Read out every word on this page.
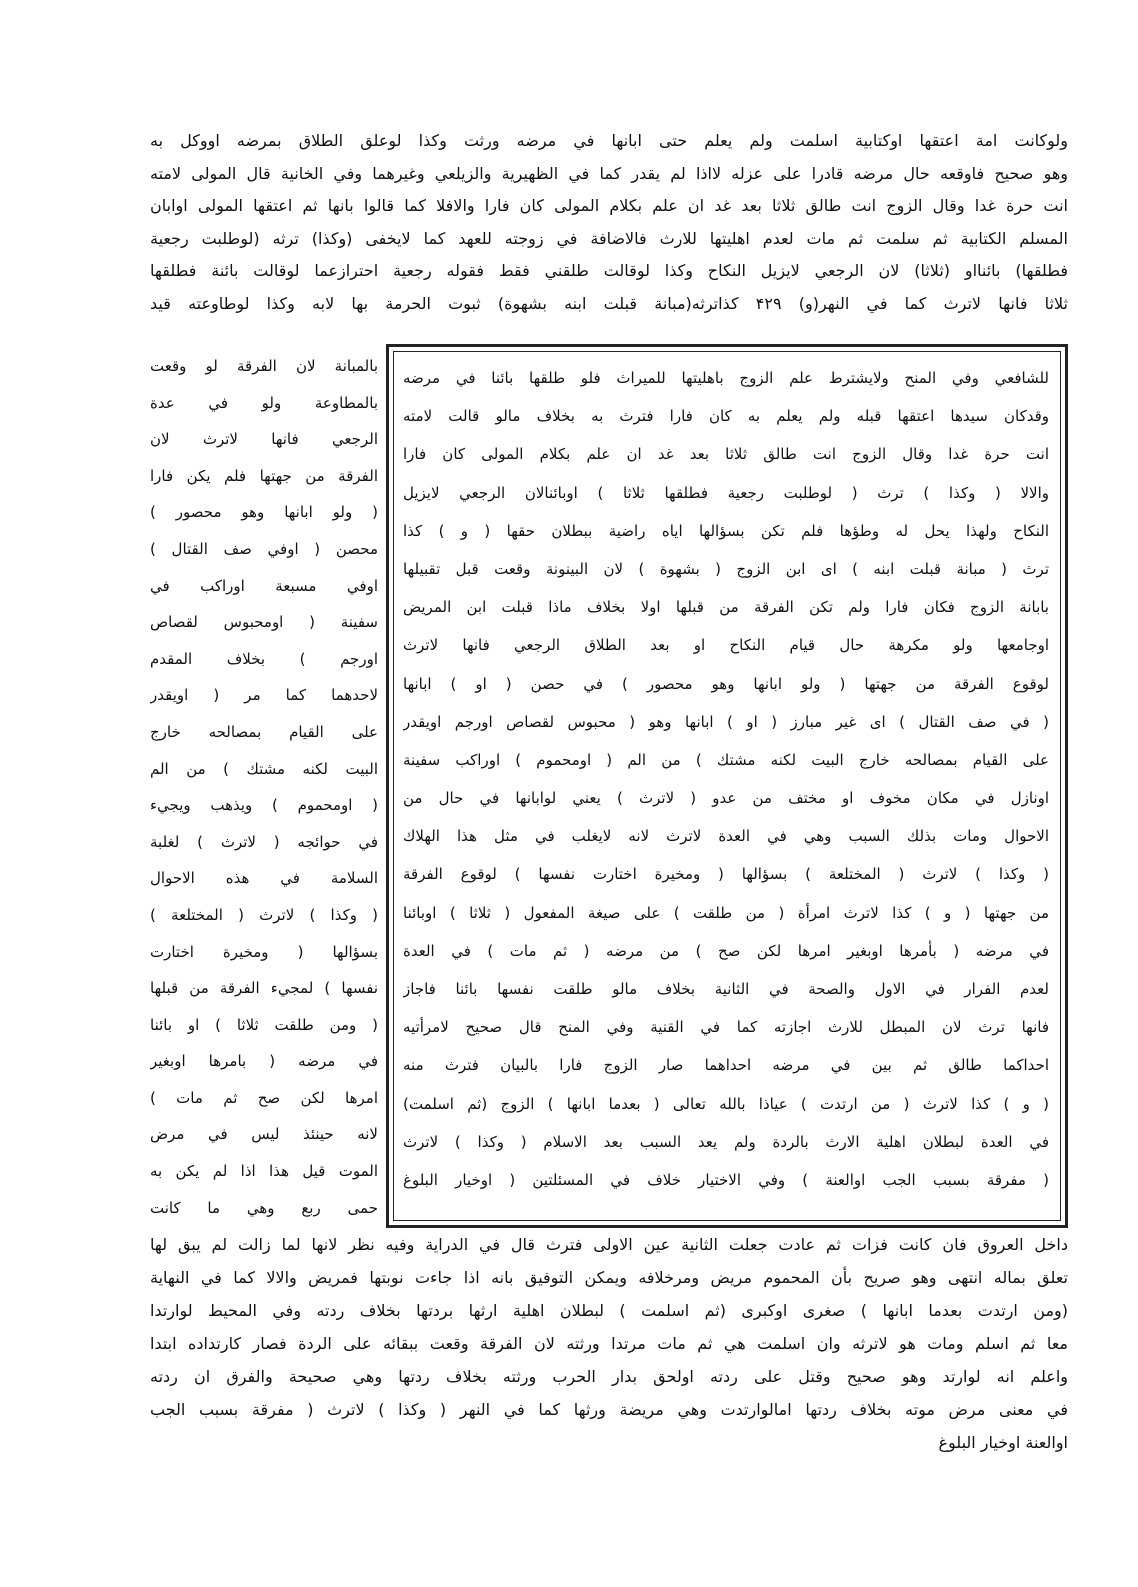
ولوكانت امة اعتقها اوكتابية اسلمت ولم يعلم حتى ابانها في مرضه ورثت وكذا لوعلق الطلاق بمرضه اووكل به
وهو صحيح فاوقعه حال مرضه قادرا على عزله لااذا لم يقدر كما في الظهيرية والزيلعي وغيرهما وفي الخانية قال المولى لامته
انت حرة غدا وقال الزوج انت طالق ثلاثا بعد غد ان علم بكلام المولى كان فارا والافلا كما قالوا بانها ثم اعتقها المولى اوابان
المسلم الكتابية ثم سلمت ثم مات لعدم اهليتها للارث فالاضافة في زوجته للعهد كما لايخفى (وكذا) ترثه (لوطلبت رجعية
فطلقها) بائنااو (ثلاثا) لان الرجعي لايزيل النكاح وكذا لوقالت طلقني فقط فقوله رجعية احترازعما لوقالت بائنة فطلقها
ثلاثا فانها لاترث كما في النهر(و) ۴۲۹ كذاترثه(مبانة قبلت ابنه بشهوة) ثبوت الحرمة بها لابه وكذا لوطاوعته قيد
للشافعي وفي المنح ولايشترط علم الزوج باهليتها للميراث فلو طلقها بائنا في مرضه
وقدكان سيدها اعتقها قبله ولم يعلم به كان فارا فترث به بخلاف مالو قالت لامته
انت حرة غدا وقال الزوج انت طالق ثلاثا بعد غد ان علم بكلام المولى كان فارا
والالا ( وكذا ) ترث ( لوطلبت رجعية فطلقها ثلاثا ) اوبائنالان الرجعي لايزيل
النكاح ولهذا يحل له وطؤها فلم تكن بسؤالها اياه راضية ببطلان حقها ( و ) كذا
ترث ( مبانة قبلت ابنه ) اى ابن الزوج ( بشهوة ) لان البينونة وقعت قبل تقبيلها
بابانة الزوج فكان فارا ولم تكن الفرقة من قبلها اولا بخلاف ماذا قبلت ابن المريض
اوجامعها ولو مكرهة حال قيام النكاح او بعد الطلاق الرجعي فانها لاترث
لوقوع الفرقة من جهتها ( ولو ابانها وهو محصور ) في حصن ( او ) ابانها
( في صف القتال ) اى غير مبارز ( او ) ابانها وهو ( محبوس لقصاص اورجم اويقدر
على القيام بمصالحه خارج البيت لكنه مشتك ) من الم ( اومحموم ) اوراكب سفينة
اونازل في مكان مخوف او مختف من عدو ( لاترث ) يعني لوابانها في حال من
الاحوال ومات بذلك السبب وهي في العدة لاترث لانه لايغلب في مثل هذا الهلاك
( وكذا ) لاترث ( المختلعة ) بسؤالها ( ومخيرة اختارت نفسها ) لوقوع الفرقة
من جهتها ( و ) كذا لاترث امرأة ( من طلقت ) على صيغة المفعول ( ثلاثا ) اوبائنا
في مرضه ( بأمرها اوبغير امرها لكن صح ) من مرضه ( ثم مات ) في العدة
لعدم الفرار في الاول والصحة في الثانية بخلاف مالو طلقت نفسها بائنا فاجاز
فانها ترث لان المبطل للارث اجازته كما في القنية وفي المنح قال صحيح لامرأتيه
احداكما طالق ثم بين في مرضه احداهما صار الزوج فارا بالبيان فترث منه
( و ) كذا لاترث ( من ارتدت ) عياذا بالله تعالى ( بعدما ابانها ) الزوج (ثم اسلمت)
في العدة لبطلان اهلية الارث بالردة ولم يعد السبب بعد الاسلام ( وكذا ) لاترث
( مفرقة بسبب الجب اوالعنة ) وفي الاختيار خلاف في المسئلتين ( اوخيار البلوغ
بالمبانة لان الفرقة لو وقعت
بالمطاوعة ولو في عدة
الرجعي فانها لاترث لان
الفرقة من جهتها فلم يكن فارا
( ولو ابانها وهو محصور )
محصن ( اوفي صف القتال )
اوفي مسبعة اوراكب في
سفينة ( اومحبوس لقصاص
اورجم ) بخلاف المقدم
لاحدهما كما مر ( اويقدر
على القيام بمصالحه خارج
البيت لكنه مشتك ) من الم
( اومحموم ) ويذهب ويجيء
في حوائجه ( لاترث ) لغلبة
السلامة في هذه الاحوال
( وكذا ) لاترث ( المختلعة )
بسؤالها ( ومخيرة اختارت
نفسها ) لمجيء الفرقة من قبلها
( ومن طلقت ثلاثا ) او بائنا
في مرضه ( بامرها اوبغير
امرها لكن صح ثم مات )
لانه حينئذ ليس في مرض
الموت قيل هذا اذا لم يكن به
حمى ربع وهي ما كانت
داخل العروق فان كانت فزات ثم عادت جعلت الثانية عين الاولى فترث قال في الدراية وفيه نظر لانها لما زالت لم يبق لها
تعلق بماله انتهى وهو صريح بأن المحموم مريض ومرخلافه ويمكن التوفيق بانه اذا جاءت نوبتها فمريض والالا كما في النهاية
(ومن ارتدت بعدما ابانها ) صغرى اوكبرى (ثم اسلمت ) لبطلان اهلية ارثها بردتها بخلاف ردته وفي المحيط لوارتدا
معا ثم اسلم ومات هو لاترثه وان اسلمت هي ثم مات مرتدا ورثته لان الفرقة وقعت ببقائه على الردة فصار كارتداده ابتدا
واعلم انه لوارتد وهو صحيح وقتل على ردته اولحق بدار الحرب ورثته بخلاف ردتها وهي صحيحة والفرق ان ردته
في معنى مرض موته بخلاف ردتها امالوارتدت وهي مريضة ورثها كما في النهر ( وكذا ) لاترث ( مفرقة بسبب الجب
اوالعنة اوخيار البلوغ
